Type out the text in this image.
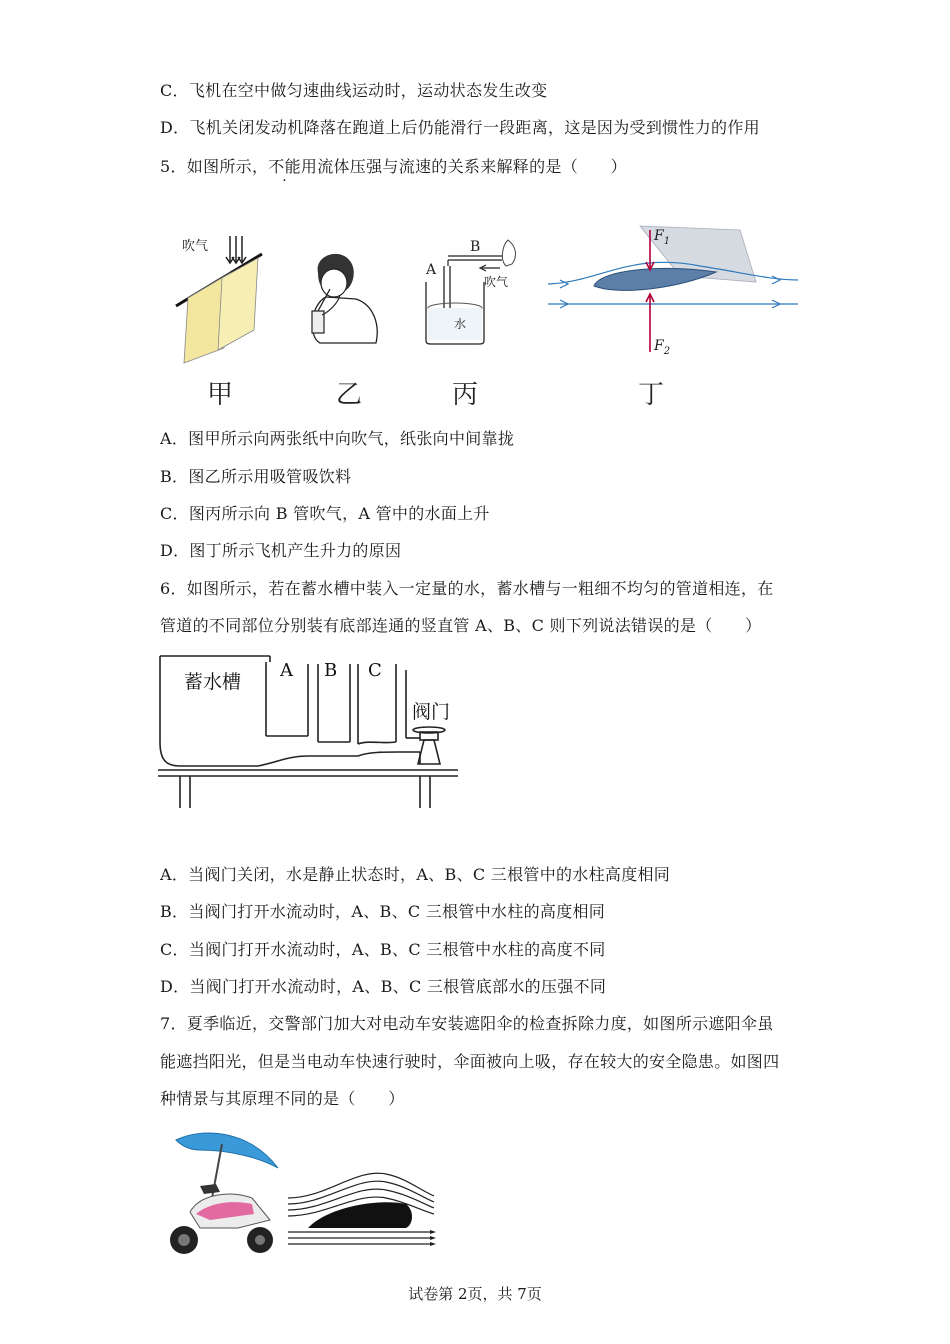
C．飞机在空中做匀速曲线运动时，运动状态发生改变
D．飞机关闭发动机降落在跑道上后仍能滑行一段距离，这是因为受到惯性力的作用
5．如图所示，不能用流体压强与流速的关系来解释的是（　　）
吹气
A
B
吹气
水
$F_1$
$F_2$
甲	乙	丙	丁
A．图甲所示向两张纸中向吹气，纸张向中间靠拢
B．图乙所示用吸管吸饮料
C．图丙所示向 B 管吹气，A 管中的水面上升
D．图丁所示飞机产生升力的原因
6．如图所示，若在蓄水槽中装入一定量的水，蓄水槽与一粗细不均匀的管道相连，在
管道的不同部位分别装有底部连通的竖直管 A、B、C 则下列说法错误的是（　　）
蓄水槽
A B C
阀门
A．当阀门关闭，水是静止状态时，A、B、C 三根管中的水柱高度相同
B．当阀门打开水流动时，A、B、C 三根管中水柱的高度相同
C．当阀门打开水流动时，A、B、C 三根管中水柱的高度不同
D．当阀门打开水流动时，A、B、C 三根管底部水的压强不同
7．夏季临近，交警部门加大对电动车安装遮阳伞的检查拆除力度，如图所示遮阳伞虽
能遮挡阳光，但是当电动车快速行驶时，伞面被向上吸，存在较大的安全隐患。如图四
种情景与其原理不同的是（　　）
试卷第 2页，共 7页
